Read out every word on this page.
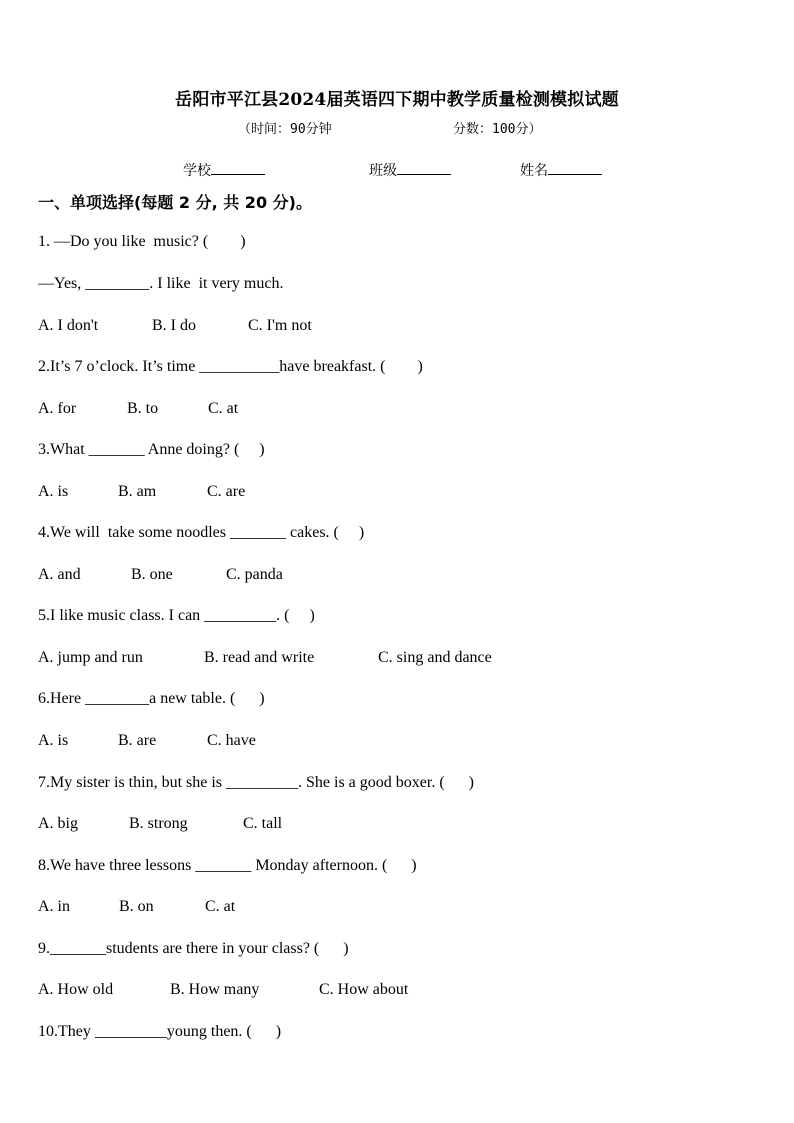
岳阳市平江县2024届英语四下期中教学质量检测模拟试题
（时间：90分钟	分数：100分）
学校	班级	姓名
一、单项选择(每题 2 分, 共 20 分)。
1. —Do you like  music? (        )
—Yes, ________. I like  it very much.

A. I don't

	B. I do

	C. I'm not

2.It’s 7 o’clock. It’s time __________have breakfast. (        )

A. for

	B. to

	C. at

3.What _______ Anne doing? (     )

A. is

	B. am

	C. are

4.We will  take some noodles _______ cakes. (     )

A. and

	B. one

	C. panda

5.I like music class. I can _________. (     )

A. jump and run

	B. read and write

	C. sing and dance

6.Here ________a new table. (      )

A. is

	B. are

	C. have

7.My sister is thin, but she is _________. She is a good boxer. (      )

A. big

	B. strong

	C. tall

8.We have three lessons _______ Monday afternoon. (      )

A. in

	B. on

	C. at

9._______students are there in your class? (      )

A. How old

	B. How many

	C. How about

10.They _________young then. (      )
